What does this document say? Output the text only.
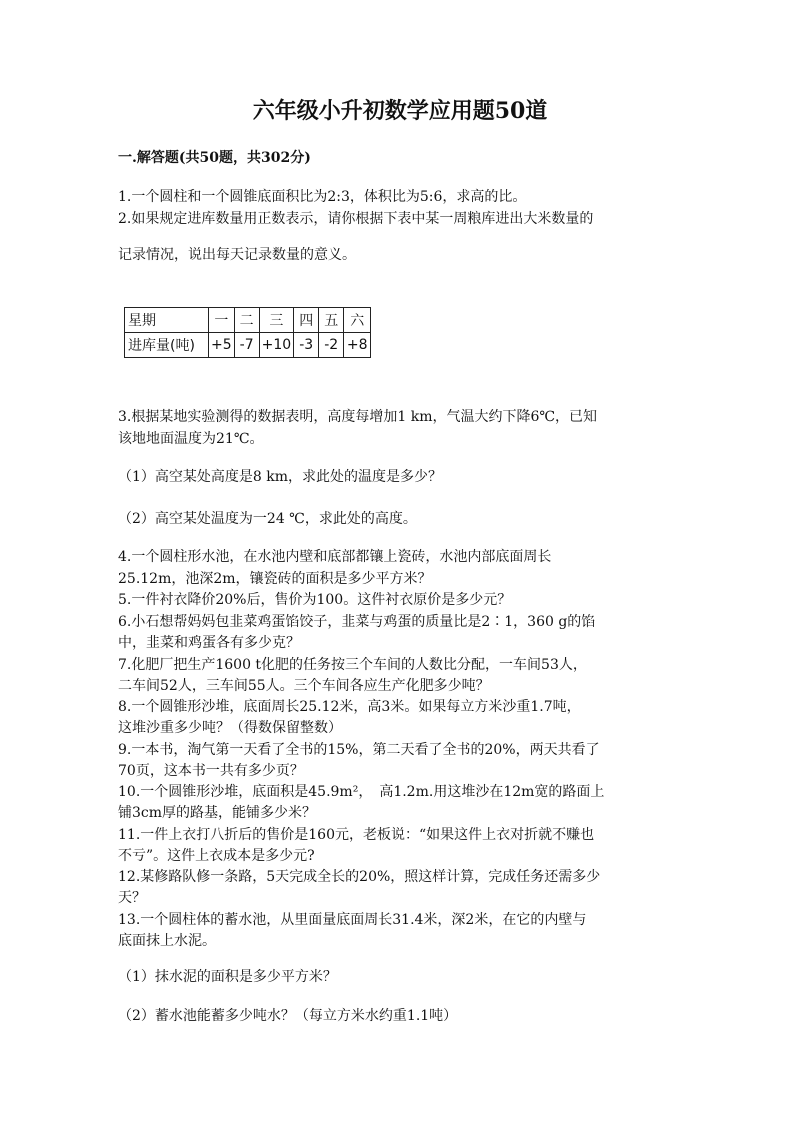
六年级小升初数学应用题50道
一.解答题(共50题，共302分)
1.一个圆柱和一个圆锥底面积比为2:3，体积比为5:6，求高的比。
2.如果规定进库数量用正数表示，请你根据下表中某一周粮库进出大米数量的
记录情况，说出每天记录数量的意义。
星期	一	二	三	四	五	六
进库量(吨)	+5	-7	+10	-3	-2	+8
3.根据某地实验测得的数据表明，高度每增加1 km，气温大约下降6℃，已知
该地地面温度为21℃。
（1）高空某处高度是8 km，求此处的温度是多少？
（2）高空某处温度为一24 ℃，求此处的高度。
4.一个圆柱形水池，在水池内壁和底部都镶上瓷砖，水池内部底面周长
25.12m，池深2m，镶瓷砖的面积是多少平方米？
5.一件衬衣降价20%后，售价为100。这件衬衣原价是多少元？
6.小石想帮妈妈包韭菜鸡蛋馅饺子，韭菜与鸡蛋的质量比是2∶1，360 g的馅
中，韭菜和鸡蛋各有多少克？
7.化肥厂把生产1600 t化肥的任务按三个车间的人数比分配，一车间53人，
二车间52人，三车间55人。三个车间各应生产化肥多少吨？
8.一个圆锥形沙堆，底面周长25.12米，高3米。如果每立方米沙重1.7吨，
这堆沙重多少吨？（得数保留整数）
9.一本书，淘气第一天看了全书的15%，第二天看了全书的20%，两天共看了
70页，这本书一共有多少页？
10.一个圆锥形沙堆，底面积是45.9m²，　高1.2m.用这堆沙在12m宽的路面上
铺3cm厚的路基，能铺多少米？
11.一件上衣打八折后的售价是160元，老板说：“如果这件上衣对折就不赚也
不亏”。这件上衣成本是多少元?
12.某修路队修一条路，5天完成全长的20%，照这样计算，完成任务还需多少
天？
13.一个圆柱体的蓄水池，从里面量底面周长31.4米，深2米，在它的内壁与
底面抹上水泥。
（1）抹水泥的面积是多少平方米？
（2）蓄水池能蓄多少吨水？（每立方米水约重1.1吨）
